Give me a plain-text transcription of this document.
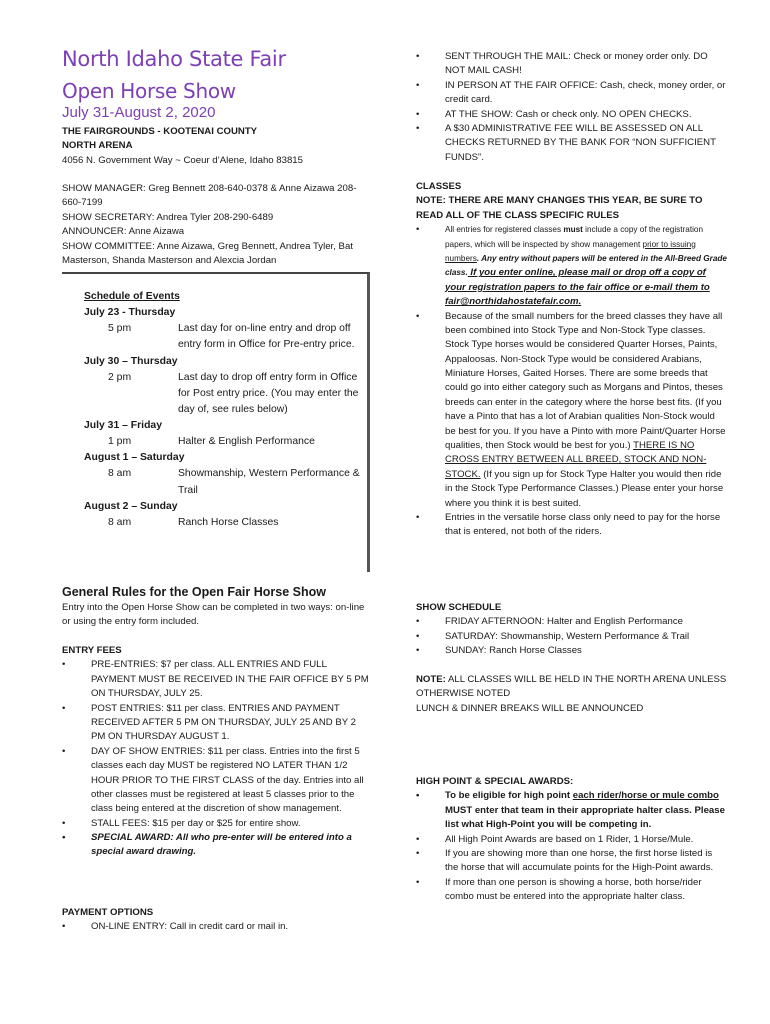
North Idaho State Fair
Open Horse Show
July 31-August 2, 2020
THE FAIRGROUNDS - KOOTENAI COUNTY
NORTH ARENA
4056 N. Government Way ~ Coeur d’Alene, Idaho 83815
SHOW MANAGER: Greg Bennett 208-640-0378 & Anne Aizawa 208-660-7199
SHOW SECRETARY: Andrea Tyler 208-290-6489
ANNOUNCER: Anne Aizawa
SHOW COMMITTEE: Anne Aizawa, Greg Bennett, Andrea Tyler, Bat Masterson, Shanda Masterson and Alexcia Jordan
Schedule of Events
July 23 - Thursday
5 pm	Last day for on-line entry and drop off entry form in Office for Pre-entry price.
July 30 – Thursday
2 pm	Last day to drop off entry form in Office for Post entry price. (You may enter the day of, see rules below)
July 31 – Friday
1 pm	Halter & English Performance
August 1 – Saturday
8 am	Showmanship, Western Performance & Trail
August 2 – Sunday
8 am	Ranch Horse Classes
General Rules for the Open Fair Horse Show
Entry into the Open Horse Show can be completed in two ways: on-line or using the entry form included.
ENTRY FEES
• PRE-ENTRIES: $7 per class. ALL ENTRIES AND FULL PAYMENT MUST BE RECEIVED IN THE FAIR OFFICE BY 5 PM ON THURSDAY, JULY 25.
• POST ENTRIES: $11 per class. ENTRIES AND PAYMENT RECEIVED AFTER 5 PM ON THURSDAY, JULY 25 AND BY 2 PM ON THURSDAY AUGUST 1.
• DAY OF SHOW ENTRIES: $11 per class. Entries into the first 5 classes each day MUST be registered NO LATER THAN 1/2 HOUR PRIOR TO THE FIRST CLASS of the day. Entries into all other classes must be registered at least 5 classes prior to the class being entered at the discretion of show management.
• STALL FEES: $15 per day or $25 for entire show.
• SPECIAL AWARD: All who pre-enter will be entered into a special award drawing.
PAYMENT OPTIONS
• ON-LINE ENTRY: Call in credit card or mail in.
• SENT THROUGH THE MAIL: Check or money order only. DO NOT MAIL CASH!
• IN PERSON AT THE FAIR OFFICE: Cash, check, money order, or credit card.
• AT THE SHOW: Cash or check only. NO OPEN CHECKS.
• A $30 ADMINISTRATIVE FEE WILL BE ASSESSED ON ALL CHECKS RETURNED BY THE BANK FOR “NON SUFFICIENT FUNDS”.
CLASSES
NOTE: THERE ARE MANY CHANGES THIS YEAR, BE SURE TO READ ALL OF THE CLASS SPECIFIC RULES
• All entries for registered classes must include a copy of the registration papers, which will be inspected by show management prior to issuing numbers. Any entry without papers will be entered in the All-Breed Grade class. If you enter online, please mail or drop off a copy of your registration papers to the fair office or e-mail them to fair@northidahostatefair.com.
• Because of the small numbers for the breed classes they have all been combined into Stock Type and Non-Stock Type classes. Stock Type horses would be considered Quarter Horses, Paints, Appaloosas. Non-Stock Type would be considered Arabians, Miniature Horses, Gaited Horses. There are some breeds that could go into either category such as Morgans and Pintos, theses breeds can enter in the category where the horse best fits. (If you have a Pinto that has a lot of Arabian qualities Non-Stock would be best for you. If you have a Pinto with more Paint/Quarter Horse qualities, then Stock would be best for you.) THERE IS NO CROSS ENTRY BETWEEN ALL BREED, STOCK AND NON-STOCK. (If you sign up for Stock Type Halter you would then ride in the Stock Type Performance Classes.) Please enter your horse where you think it is best suited.
• Entries in the versatile horse class only need to pay for the horse that is entered, not both of the riders.
SHOW SCHEDULE
• FRIDAY AFTERNOON: Halter and English Performance
• SATURDAY: Showmanship, Western Performance & Trail
• SUNDAY: Ranch Horse Classes
NOTE: ALL CLASSES WILL BE HELD IN THE NORTH ARENA UNLESS OTHERWISE NOTED
LUNCH & DINNER BREAKS WILL BE ANNOUNCED
HIGH POINT & SPECIAL AWARDS:
• To be eligible for high point each rider/horse or mule combo MUST enter that team in their appropriate halter class. Please list what High-Point you will be competing in.
• All High Point Awards are based on 1 Rider, 1 Horse/Mule.
• If you are showing more than one horse, the first horse listed is the horse that will accumulate points for the High-Point awards.
• If more than one person is showing a horse, both horse/rider combo must be entered into the appropriate halter class.
